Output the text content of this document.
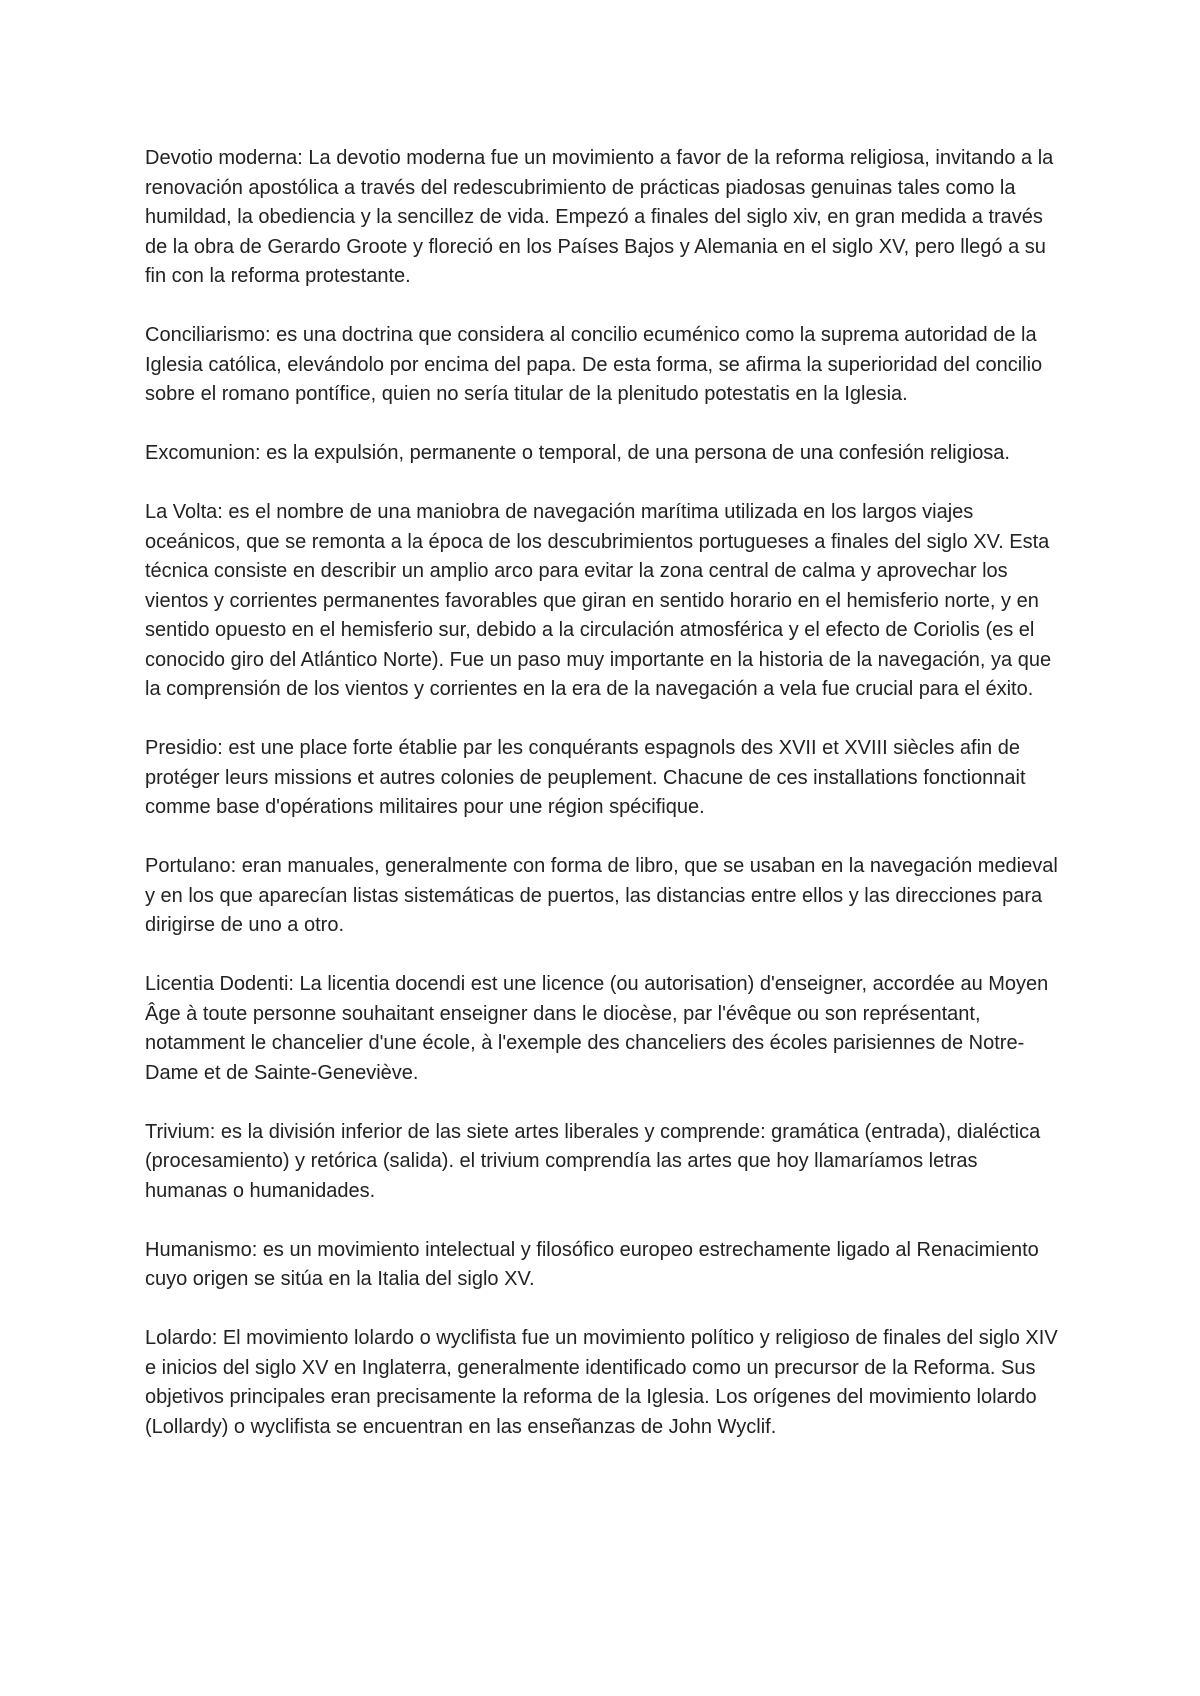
Devotio moderna: La devotio moderna fue un movimiento a favor de la reforma religiosa, invitando a la renovación apostólica a través del redescubrimiento de prácticas piadosas genuinas tales como la humildad, la obediencia y la sencillez de vida. Empezó a finales del siglo xiv, en gran medida a través de la obra de Gerardo Groote y floreció en los Países Bajos y Alemania en el siglo XV, pero llegó a su fin con la reforma protestante.

Conciliarismo: es una doctrina que considera al concilio ecuménico como la suprema autoridad de la Iglesia católica, elevándolo por encima del papa. De esta forma, se afirma la superioridad del concilio sobre el romano pontífice, quien no sería titular de la plenitudo potestatis en la Iglesia.

Excomunion: es la expulsión, permanente o temporal, de una persona de una confesión religiosa.

La Volta: es el nombre de una maniobra de navegación marítima utilizada en los largos viajes oceánicos, que se remonta a la época de los descubrimientos portugueses a finales del siglo XV. Esta técnica consiste en describir un amplio arco para evitar la zona central de calma y aprovechar los vientos y corrientes permanentes favorables que giran en sentido horario en el hemisferio norte, y en sentido opuesto en el hemisferio sur, debido a la circulación atmosférica y el efecto de Coriolis (es el conocido giro del Atlántico Norte). Fue un paso muy importante en la historia de la navegación, ya que la comprensión de los vientos y corrientes en la era de la navegación a vela fue crucial para el éxito.

Presidio: est une place forte établie par les conquérants espagnols des XVII et XVIII siècles afin de protéger leurs missions et autres colonies de peuplement. Chacune de ces installations fonctionnait comme base d'opérations militaires pour une région spécifique.

Portulano: eran manuales, generalmente con forma de libro, que se usaban en la navegación medieval y en los que aparecían listas sistemáticas de puertos, las distancias entre ellos y las direcciones para dirigirse de uno a otro.

Licentia Dodenti: La licentia docendi est une licence (ou autorisation) d'enseigner, accordée au Moyen Âge à toute personne souhaitant enseigner dans le diocèse, par l'évêque ou son représentant, notamment le chancelier d'une école, à l'exemple des chanceliers des écoles parisiennes de Notre-Dame et de Sainte-Geneviève.

Trivium: es la división inferior de las siete artes liberales y comprende: gramática (entrada), dialéctica (procesamiento) y retórica (salida). el trivium comprendía las artes que hoy llamaríamos letras humanas o humanidades.

Humanismo: es un movimiento intelectual y filosófico europeo estrechamente ligado al Renacimiento cuyo origen se sitúa en la Italia del siglo XV.

Lolardo: El movimiento lolardo o wyclifista fue un movimiento político y religioso de finales del siglo XIV e inicios del siglo XV en Inglaterra, generalmente identificado como un precursor de la Reforma. Sus objetivos principales eran precisamente la reforma de la Iglesia. Los orígenes del movimiento lolardo (Lollardy) o wyclifista se encuentran en las enseñanzas de John Wyclif.
